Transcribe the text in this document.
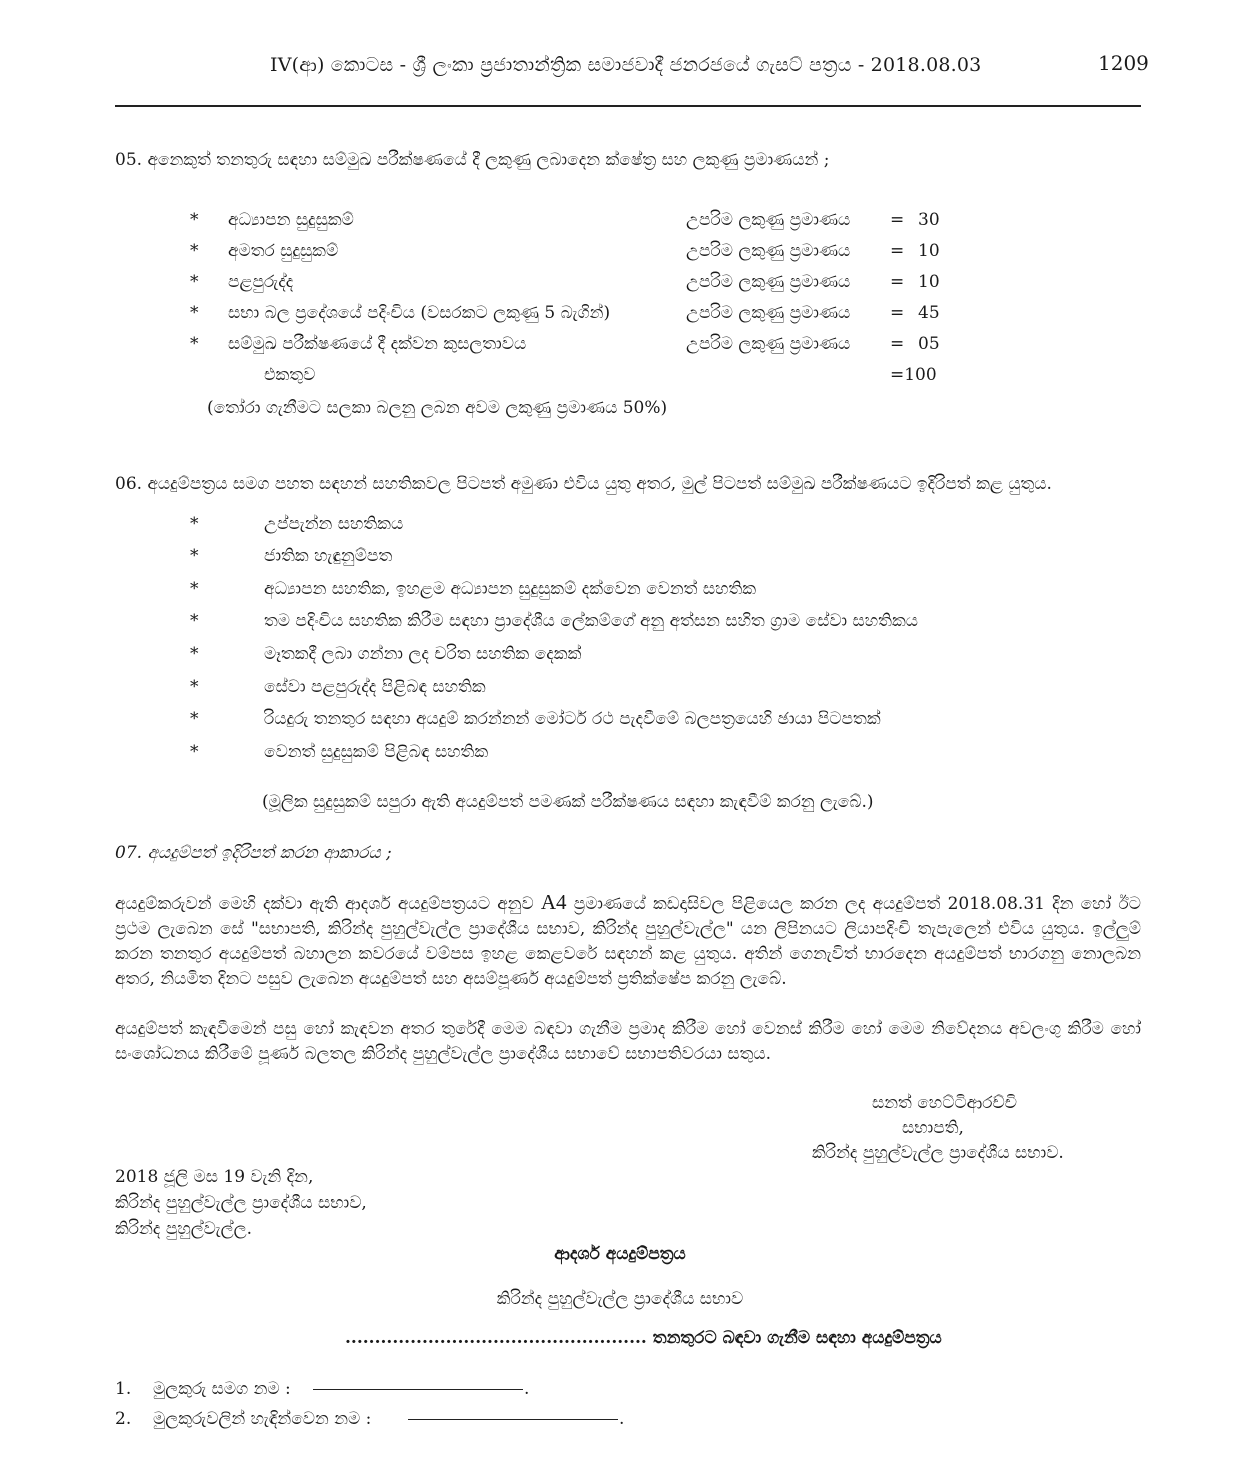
IV(ආ) කොටස - ශ්‍රී ලංකා ප්‍රජාතාන්ත්‍රික සමාජවාදී ජනරජයේ ගැසට් පත්‍රය - 2018.08.03	1209
05. අනෙකුත් තනතුරු සඳහා සම්මුඛ පරීක්ෂණයේ දී ලකුණු ලබාදෙන ක්ෂේත්‍ර සහ ලකුණු ප්‍රමාණයන් ;
* අධ්‍යාපන සුදුසුකම්	උපරිම ලකුණු ප්‍රමාණය = 30
* අමතර සුදුසුකම්	උපරිම ලකුණු ප්‍රමාණය = 10
* පළපුරුද්ද	උපරිම ලකුණු ප්‍රමාණය = 10
* සභා බල ප්‍රදේශයේ පදිංචිය (වසරකට ලකුණු 5 බැගින්)	උපරිම ලකුණු ප්‍රමාණය = 45
* සම්මුඛ පරීක්ෂණයේ දී දක්වන කුසලතාවය	උපරිම ලකුණු ප්‍රමාණය = 05
එකතුව	=100
(තෝරා ගැනීමට සලකා බලනු ලබන අවම ලකුණු ප්‍රමාණය 50%)
06. අයදුම්පත්‍රය සමග පහත සඳහන් සහතිකවල පිටපත් අමුණා එවිය යුතු අතර, මුල් පිටපත් සම්මුඛ පරීක්ෂණයට ඉදිරිපත් කළ යුතුය.
*	උප්පැන්න සහතිකය
*	ජාතික හැඳුනුම්පත
*	අධ්‍යාපන සහතික, ඉහළම අධ්‍යාපන සුදුසුකම් දක්වෙන වෙනත් සහතික
*	තම පදිංචිය සහතික කිරීම සඳහා ප්‍රාදේශීය ලේකම්ගේ අනු අත්සන සහිත ග්‍රාම සේවා සහතිකය
*	මෑතකදී ලබා ගන්නා ලද චරිත සහතික දෙකක්
*	සේවා පළපුරුද්ද පිළිබඳ සහතික
*	රියදුරු තනතුර සඳහා අයදුම් කරන්නන් මෝටර් රථ පැදවීමේ බලපත්‍රයෙහි ඡායා පිටපතක්
*	වෙනත් සුදුසුකම් පිළිබඳ සහතික
(මූලික සුදුසුකම් සපුරා ඇති අයදුම්පත් පමණක් පරීක්ෂණය සඳහා කැඳවීම් කරනු ලැබේ.)
07. අයදුම්පත් ඉදිරිපත් කරන ආකාරය ;
අයදුම්කරුවන් මෙහි දක්වා ඇති ආදර්ශ අයදුම්පත්‍රයට අනුව A4 ප්‍රමාණයේ කඩදාසිවල පිළියෙල කරන ලද අයදුම්පත් 2018.08.31 දින හෝ ඊට ප්‍රථම ලැබෙන සේ "සභාපති, කිරින්ද පුහුල්වැල්ල ප්‍රාදේශීය සභාව, කිරින්ද පුහුල්වැල්ල" යන ලිපිනයට ලියාපදිංචි තැපැලෙන් එවිය යුතුය. ඉල්ලුම් කරන තනතුර අයදුම්පත් බහාලන කවරයේ වම්පස ඉහළ කෙළවරේ සඳහන් කළ යුතුය. අතින් ගෙනැවිත් භාරදෙන අයදුම්පත් භාරගනු නොලබන අතර, නියමිත දිනට පසුව ලැබෙන අයදුම්පත් සහ අසම්පූර්ණ අයදුම්පත් ප්‍රතික්ෂේප කරනු ලැබේ.
අයදුම්පත් කැඳවීමෙන් පසු හෝ කැඳවන අතර තුරේදී මෙම බඳවා ගැනීම ප්‍රමාද කිරීම හෝ වෙනස් කිරීම හෝ මෙම නිවේදනය අවලංගු කිරීම හෝ සංශෝධනය කිරීමේ පූර්ණ බලතල කිරින්ද පුහුල්වැල්ල ප්‍රාදේශීය සභාවේ සභාපතිවරයා සතුය.
සනත් හෙට්ටිආරච්චි
සභාපති,
කිරින්ද පුහුල්වැල්ල ප්‍රාදේශීය සභාව.
2018 ජූලි මස 19 වැනි දින,
කිරින්ද පුහුල්වැල්ල ප්‍රාදේශීය සභාව,
කිරින්ද පුහුල්වැල්ල.
ආදර්ශ අයදුම්පත්‍රය
කිරින්ද පුහුල්වැල්ල ප්‍රාදේශීය සභාව
................................................... තනතුරට බඳවා ගැනීම සඳහා අයදුම්පත්‍රය
1. මුලකුරු සමග නම :	.
2. මුලකුරුවලින් හැඳින්වෙන නම :	.
